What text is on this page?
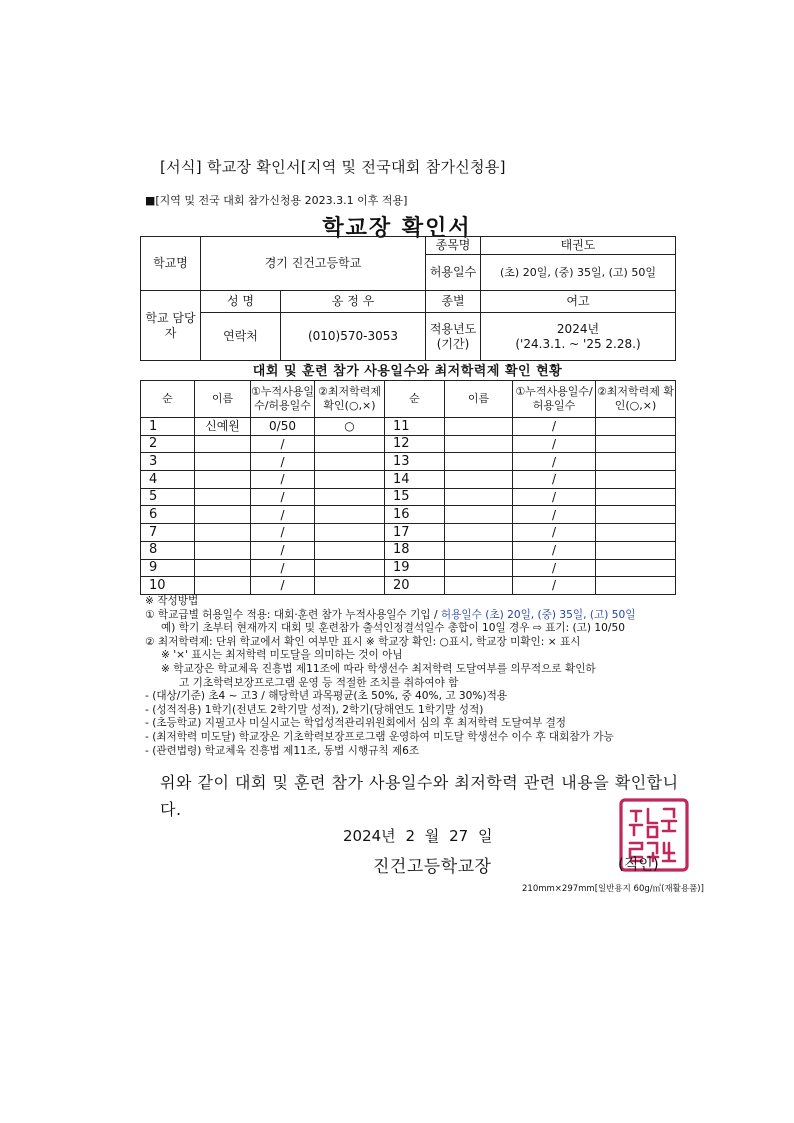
[서식] 학교장 확인서[지역 및 전국대회 참가신청용]
■[지역 및 전국 대회 참가신청용 2023.3.1 이후 적용]
학교장 확인서
학교명	경기 진건고등학교		종목명	태권도
			허용일수	(초) 20일, (중) 35일, (고) 50일
학교 담당자	성 명	옹 정 우	종별	여고
	연락처	(010)570-3053	적용년도 (기간)	2024년
('24.3.1. ~ '25 2.28.)
대회 및 훈련 참가 사용일수와 최저학력제 확인 현황
순	이름	①누적사용일수/허용일수	②최저학력제 확인(○,×)	순	이름	①누적사용일수/허용일수	②최저학력제 확인(○,×)
1	신예원	0/50	○	11		/	
2		/		12		/	
3		/		13		/	
4		/		14		/	
5		/		15		/	
6		/		16		/	
7		/		17		/	
8		/		18		/	
9		/		19		/	
10		/		20		/	
※ 작성방법
① 학교급별 허용일수 적용: 대회·훈련 참가 누적사용일수 기입 / 허용일수 (초) 20일, (중) 35일, (고) 50일
예) 학기 초부터 현재까지 대회 및 훈련참가 출석인정결석일수 총합이 10일 경우 ⇨ 표기: (고) 10/50
② 최저학력제: 단위 학교에서 확인 여부만 표시 ※ 학교장 확인: ○표시, 학교장 미확인: × 표시
※ '×' 표시는 최저학력 미도달을 의미하는 것이 아님
※ 학교장은 학교체육 진흥법 제11조에 따라 학생선수 최저학력 도달여부를 의무적으로 확인하
고 기초학력보장프로그램 운영 등 적절한 조치를 취하여야 함
- (대상/기준) 초4 ~ 고3 / 해당학년 과목평균(초 50%, 중 40%, 고 30%)적용
- (성적적용) 1학기(전년도 2학기말 성적), 2학기(당해연도 1학기말 성적)
- (초등학교) 지필고사 미실시교는 학업성적관리위원회에서 심의 후 최저학력 도달여부 결정
- (최저학력 미도달) 학교장은 기초학력보장프로그램 운영하여 미도달 학생선수 이수 후 대회참가 가능
- (관련법령) 학교체육 진흥법 제11조, 동법 시행규칙 제6조
위와 같이 대회 및 훈련 참가 사용일수와 최저학력 관련 내용을 확인합니다.
2024년 2 월 27 일
진건고등학교장	(직인)
210mm×297mm[일반용지 60g/㎡(재활용품)]
